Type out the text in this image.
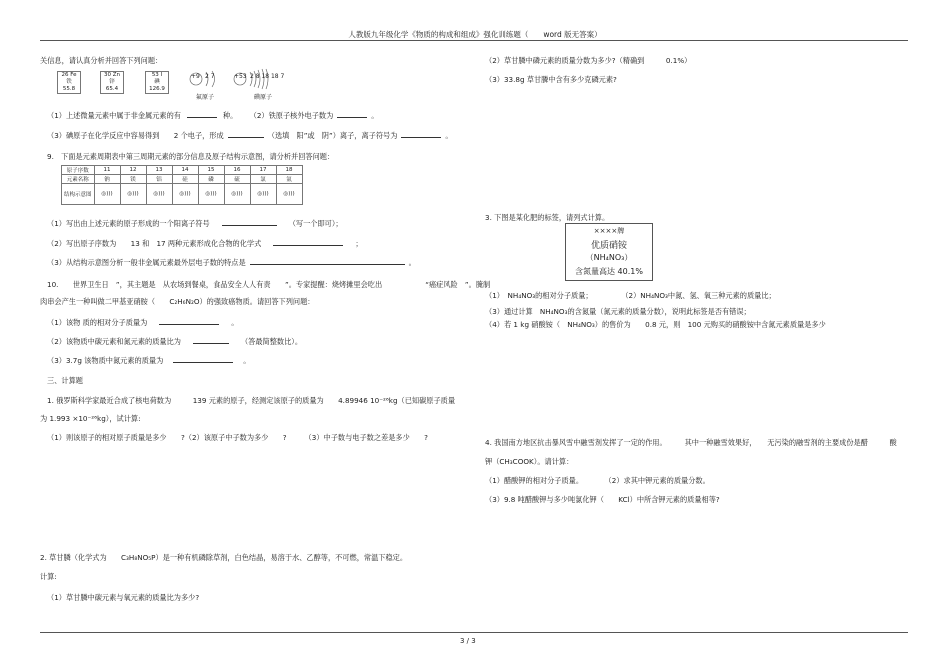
人教版九年级化学《物质的构成和组成》强化训练题（　　word 版无答案）
关信息，请认真分析并回答下列问题：
26 Fe
铁
55.8
30 Zn
锌
65.4
53 I
碘
126.9
+9 2 7	+53 2 8 18 18 7
氟原子	碘原子
（1）上述微量元素中属于非金属元素的有	种。 （2）铁原子核外电子数为	。
（3）碘原子在化学反应中容易得到　　2 个电子，形成	（选填　阳”或　阴”）离子，离子符号为	。
9.　下面是元素周期表中第三周期元素的部分信息及原子结构示意图，请分析并回答问题：
原子序数	11	12	13	14	15	16	17	18
元素名称	钠	镁	铝	硅	磷	硫	氯	氩
结构示意图	◎)))	◎)))	◎)))	◎)))	◎)))	◎)))	◎)))	◎)))
（1）写出由上述元素的原子形成的一个阳离子符号	（写一个即可）；
（2）写出原子序数为　　13 和　17 两种元素形成化合物的化学式	；
（3）从结构示意图分析一般非金属元素最外层电子数的特点是	。
10.　　世界卫生日　”，其主题是　从农场到餐桌，食品安全人人有责　　”。专家提醒：烧烤摊里会吃出　　　　　　“癌症风险　”。腌制
肉串会产生一种叫做二甲基亚硝胺（　　C₂H₆N₂O）的强致癌物质。请回答下列问题：
（1）该物 质的相对分子质量为	。
（2）该物质中碳元素和氮元素的质量比为	（答最简整数比）。
（3）3.7g 该物质中氮元素的质量为	。
三、计算题
1. 俄罗斯科学家最近合成了核电荷数为　　　139 元素的原子，经测定该原子的质量为　　4.89946 10⁻²⁶kg（已知碳原子质量
为 1.993 ×10⁻²⁶kg），试计算:
（1）则该原子的相对原子质量是多少　　?（2）该原子中子数为多少　　?　　　（3）中子数与电子数之差是多少　　?
2. 草甘膦（化学式为　　C₃H₈NO₅P）是一种有机磷除草剂，白色结晶，易溶于水、乙醇等，不可燃，常温下稳定。
计算:
（1）草甘膦中碳元素与氧元素的质量比为多少?
（2）草甘膦中磷元素的质量分数为多少?（精确到　　　0.1%）
（3）33.8g 草甘膦中含有多少克磷元素?
3. 下图是某化肥的标签，请列式计算。
××××牌
优质硝铵
（NH₄NO₃）
含氮量高达 40.1%
（1）　NH₄NO₃的相对分子质量；　　　　　（2）NH₄NO₃中氮、氢、氧三种元素的质量比；
（3）通过计算　NH₄NO₃的含氮量（氮元素的质量分数），说明此标签是否有错误；
（4）若 1 kg 硝酸铵（　NH₄NO₃）的售价为　　0.8 元，则　100 元购买的硝酸铵中含氮元素质量是多少
4. 我国南方地区抗击暴风雪中融雪剂发挥了一定的作用。　　　其中一种融雪效果好，　　无污染的融雪剂的主要成份是醋　　　酸
钾（CH₃COOK）。请计算：
（1）醋酸钾的相对分子质量。　　　　（2）求其中钾元素的质量分数。
（3）9.8 吨醋酸钾与多少吨氯化钾（　　KCl）中所含钾元素的质量相等?
3 / 3
